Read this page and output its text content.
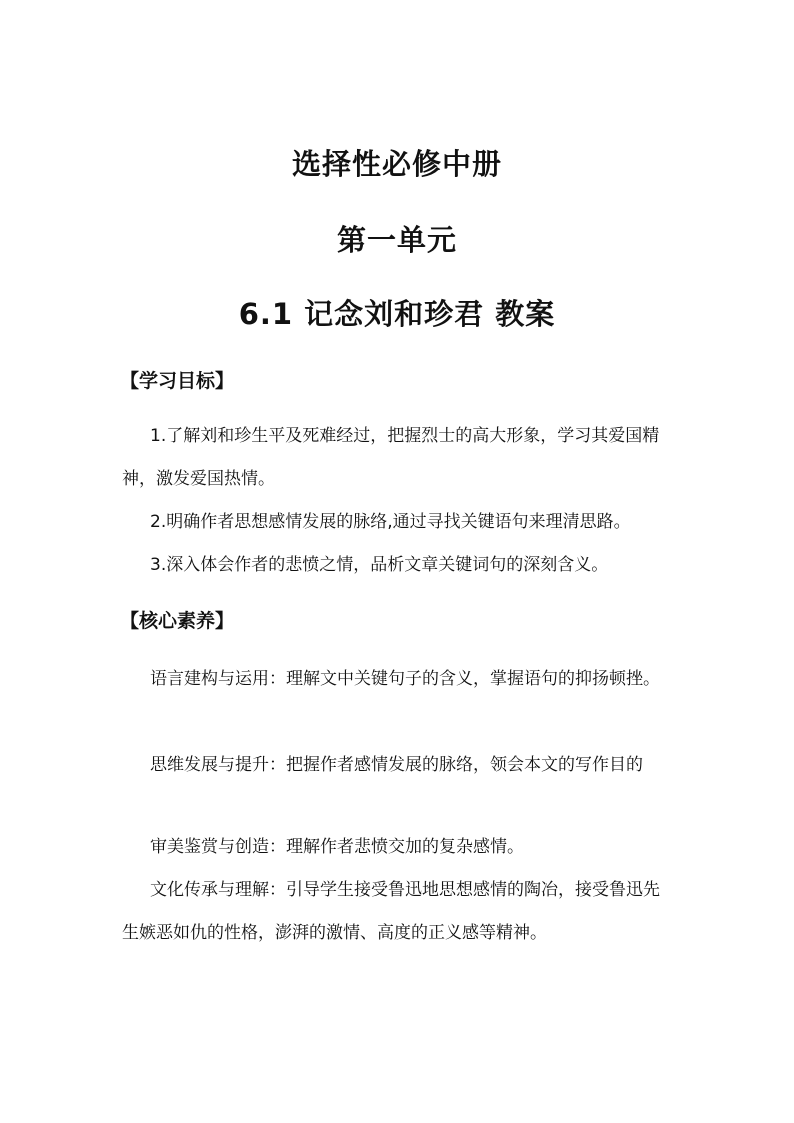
选择性必修中册
第一单元
6.1 记念刘和珍君 教案
【学习目标】
1.了解刘和珍生平及死难经过，把握烈士的高大形象，学习其爱国精神，激发爱国热情。
2.明确作者思想感情发展的脉络,通过寻找关键语句来理清思路。
3.深入体会作者的悲愤之情，品析文章关键词句的深刻含义。
【核心素养】
语言建构与运用：理解文中关键句子的含义，掌握语句的抑扬顿挫。
思维发展与提升：把握作者感情发展的脉络，领会本文的写作目的
审美鉴赏与创造：理解作者悲愤交加的复杂感情。
文化传承与理解：引导学生接受鲁迅地思想感情的陶冶，接受鲁迅先生嫉恶如仇的性格，澎湃的激情、高度的正义感等精神。
